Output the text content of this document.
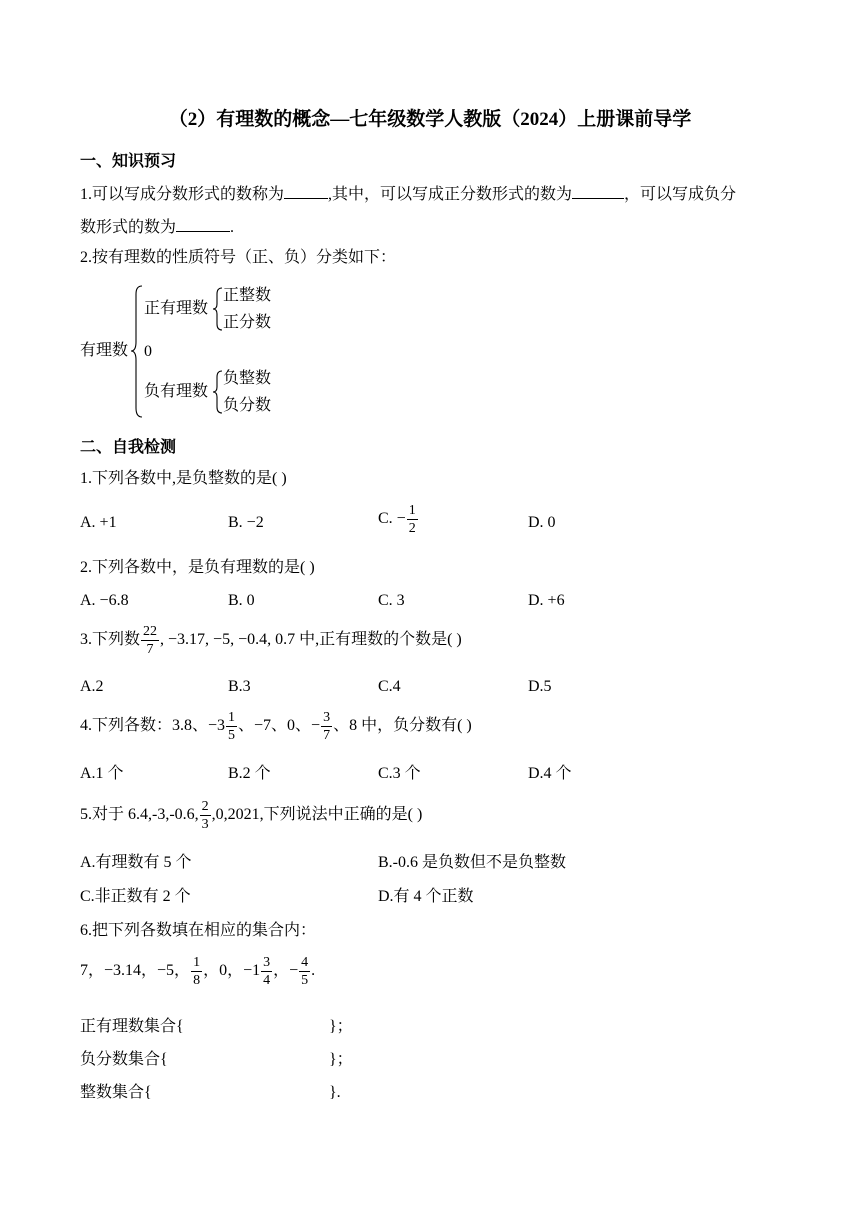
（2）有理数的概念—七年级数学人教版（2024）上册课前导学
一、知识预习
1.可以写成分数形式的数称为	,其中，可以写成正分数形式的数为	，可以写成负分
数形式的数为	.
2.按有理数的性质符号（正、负）分类如下：
有理数
正有理数
0
负有理数
正整数
正分数
负整数
负分数
二、自我检测
1.下列各数中,是负整数的是( )
A. +1	B. −2	C. − $\frac{1}{2}$	D. 0
2.下列各数中，是负有理数的是( )
A. −6.8	B. 0	C. 3	D. +6
3.下列数 $\frac{22}{7}$ , −3.17, −5, −0.4, 0.7 中,正有理数的个数是( )
A.2	B.3	C.4	D.5
4.下列各数：3.8、$-3 \frac{1}{5}$ 、−7、0、− $\frac{3}{7}$ 、8 中，负分数有( )
A.1 个	B.2 个	C.3 个	D.4 个
5.对于 6.4,-3,-0.6, $\frac{2}{3} ,0,2021$,下列说法中正确的是( )
A.有理数有 5 个	B.-0.6 是负数但不是负整数
C.非正数有 2 个	D.有 4 个正数
6.把下列各数填在相应的集合内：
7，−3.14，−5， $\frac{1}{8}$ ，0，$-1 \frac{3}{4}$ ，− $\frac{4}{5}$ .
正有理数集合{	}；
负分数集合{	}；
整数集合{	}.
